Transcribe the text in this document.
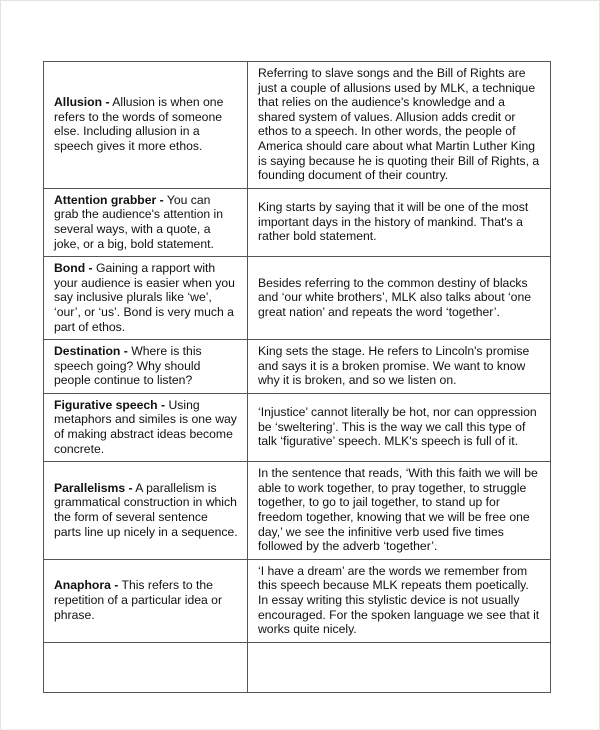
Allusion - Allusion is when one refers to the words of someone else. Including allusion in a speech gives it more ethos.	Referring to slave songs and the Bill of Rights are just a couple of allusions used by MLK, a technique that relies on the audience's knowledge and a shared system of values. Allusion adds credit or ethos to a speech. In other words, the people of America should care about what Martin Luther King is saying because he is quoting their Bill of Rights, a founding document of their country.
Attention grabber - You can grab the audience's attention in several ways, with a quote, a joke, or a big, bold statement.	King starts by saying that it will be one of the most important days in the history of mankind. That's a rather bold statement.
Bond - Gaining a rapport with your audience is easier when you say inclusive plurals like ‘we’, ‘our’, or ‘us’. Bond is very much a part of ethos.	Besides referring to the common destiny of blacks and ‘our white brothers’, MLK also talks about ‘one great nation’ and repeats the word ‘together’.
Destination - Where is this speech going? Why should people continue to listen?	King sets the stage. He refers to Lincoln's promise and says it is a broken promise. We want to know why it is broken, and so we listen on.
Figurative speech - Using metaphors and similes is one way of making abstract ideas become concrete.	‘Injustice’ cannot literally be hot, nor can oppression be ‘sweltering’. This is the way we call this type of talk ‘figurative’ speech. MLK's speech is full of it.
Parallelisms - A parallelism is grammatical construction in which the form of several sentence parts line up nicely in a sequence.	In the sentence that reads, ‘With this faith we will be able to work together, to pray together, to struggle together, to go to jail together, to stand up for freedom together, knowing that we will be free one day,’ we see the infinitive verb used five times followed by the adverb ‘together’.
Anaphora - This refers to the repetition of a particular idea or phrase.	‘I have a dream’ are the words we remember from this speech because MLK repeats them poetically. In essay writing this stylistic device is not usually encouraged. For the spoken language we see that it works quite nicely.
